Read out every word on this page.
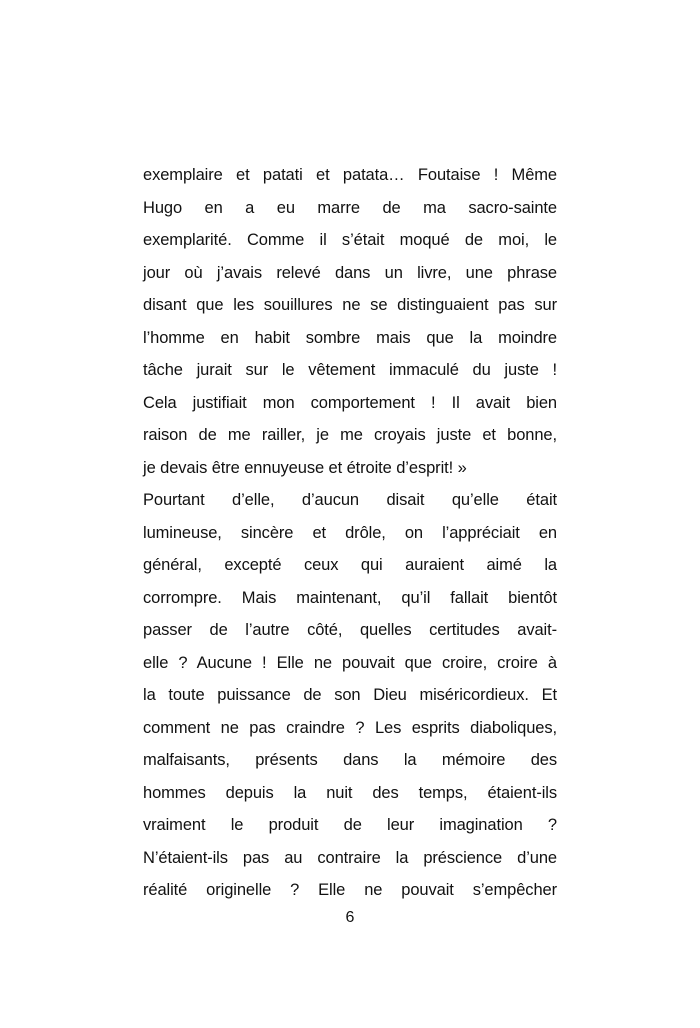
exemplaire et patati et patata… Foutaise ! Même
Hugo en a eu marre de ma sacro-sainte
exemplarité. Comme il s’était moqué de moi, le
jour où j’avais relevé dans un livre, une phrase
disant que les souillures ne se distinguaient pas sur
l’homme en habit sombre mais que la moindre
tâche jurait sur le vêtement immaculé du juste !
Cela justifiait mon comportement ! Il avait bien
raison de me railler, je me croyais juste et bonne,
je devais être ennuyeuse et étroite d’esprit! »
Pourtant d’elle, d’aucun disait qu’elle était
lumineuse, sincère et drôle, on l’appréciait en
général, excepté ceux qui auraient aimé la
corrompre. Mais maintenant, qu’il fallait bientôt
passer de l’autre côté, quelles certitudes avait-
elle ? Aucune ! Elle ne pouvait que croire, croire à
la toute puissance de son Dieu miséricordieux. Et
comment ne pas craindre ? Les esprits diaboliques,
malfaisants, présents dans la mémoire des
hommes depuis la nuit des temps, étaient-ils
vraiment le produit de leur imagination ?
N’étaient-ils pas au contraire la préscience d’une
réalité originelle ? Elle ne pouvait s’empêcher
6
